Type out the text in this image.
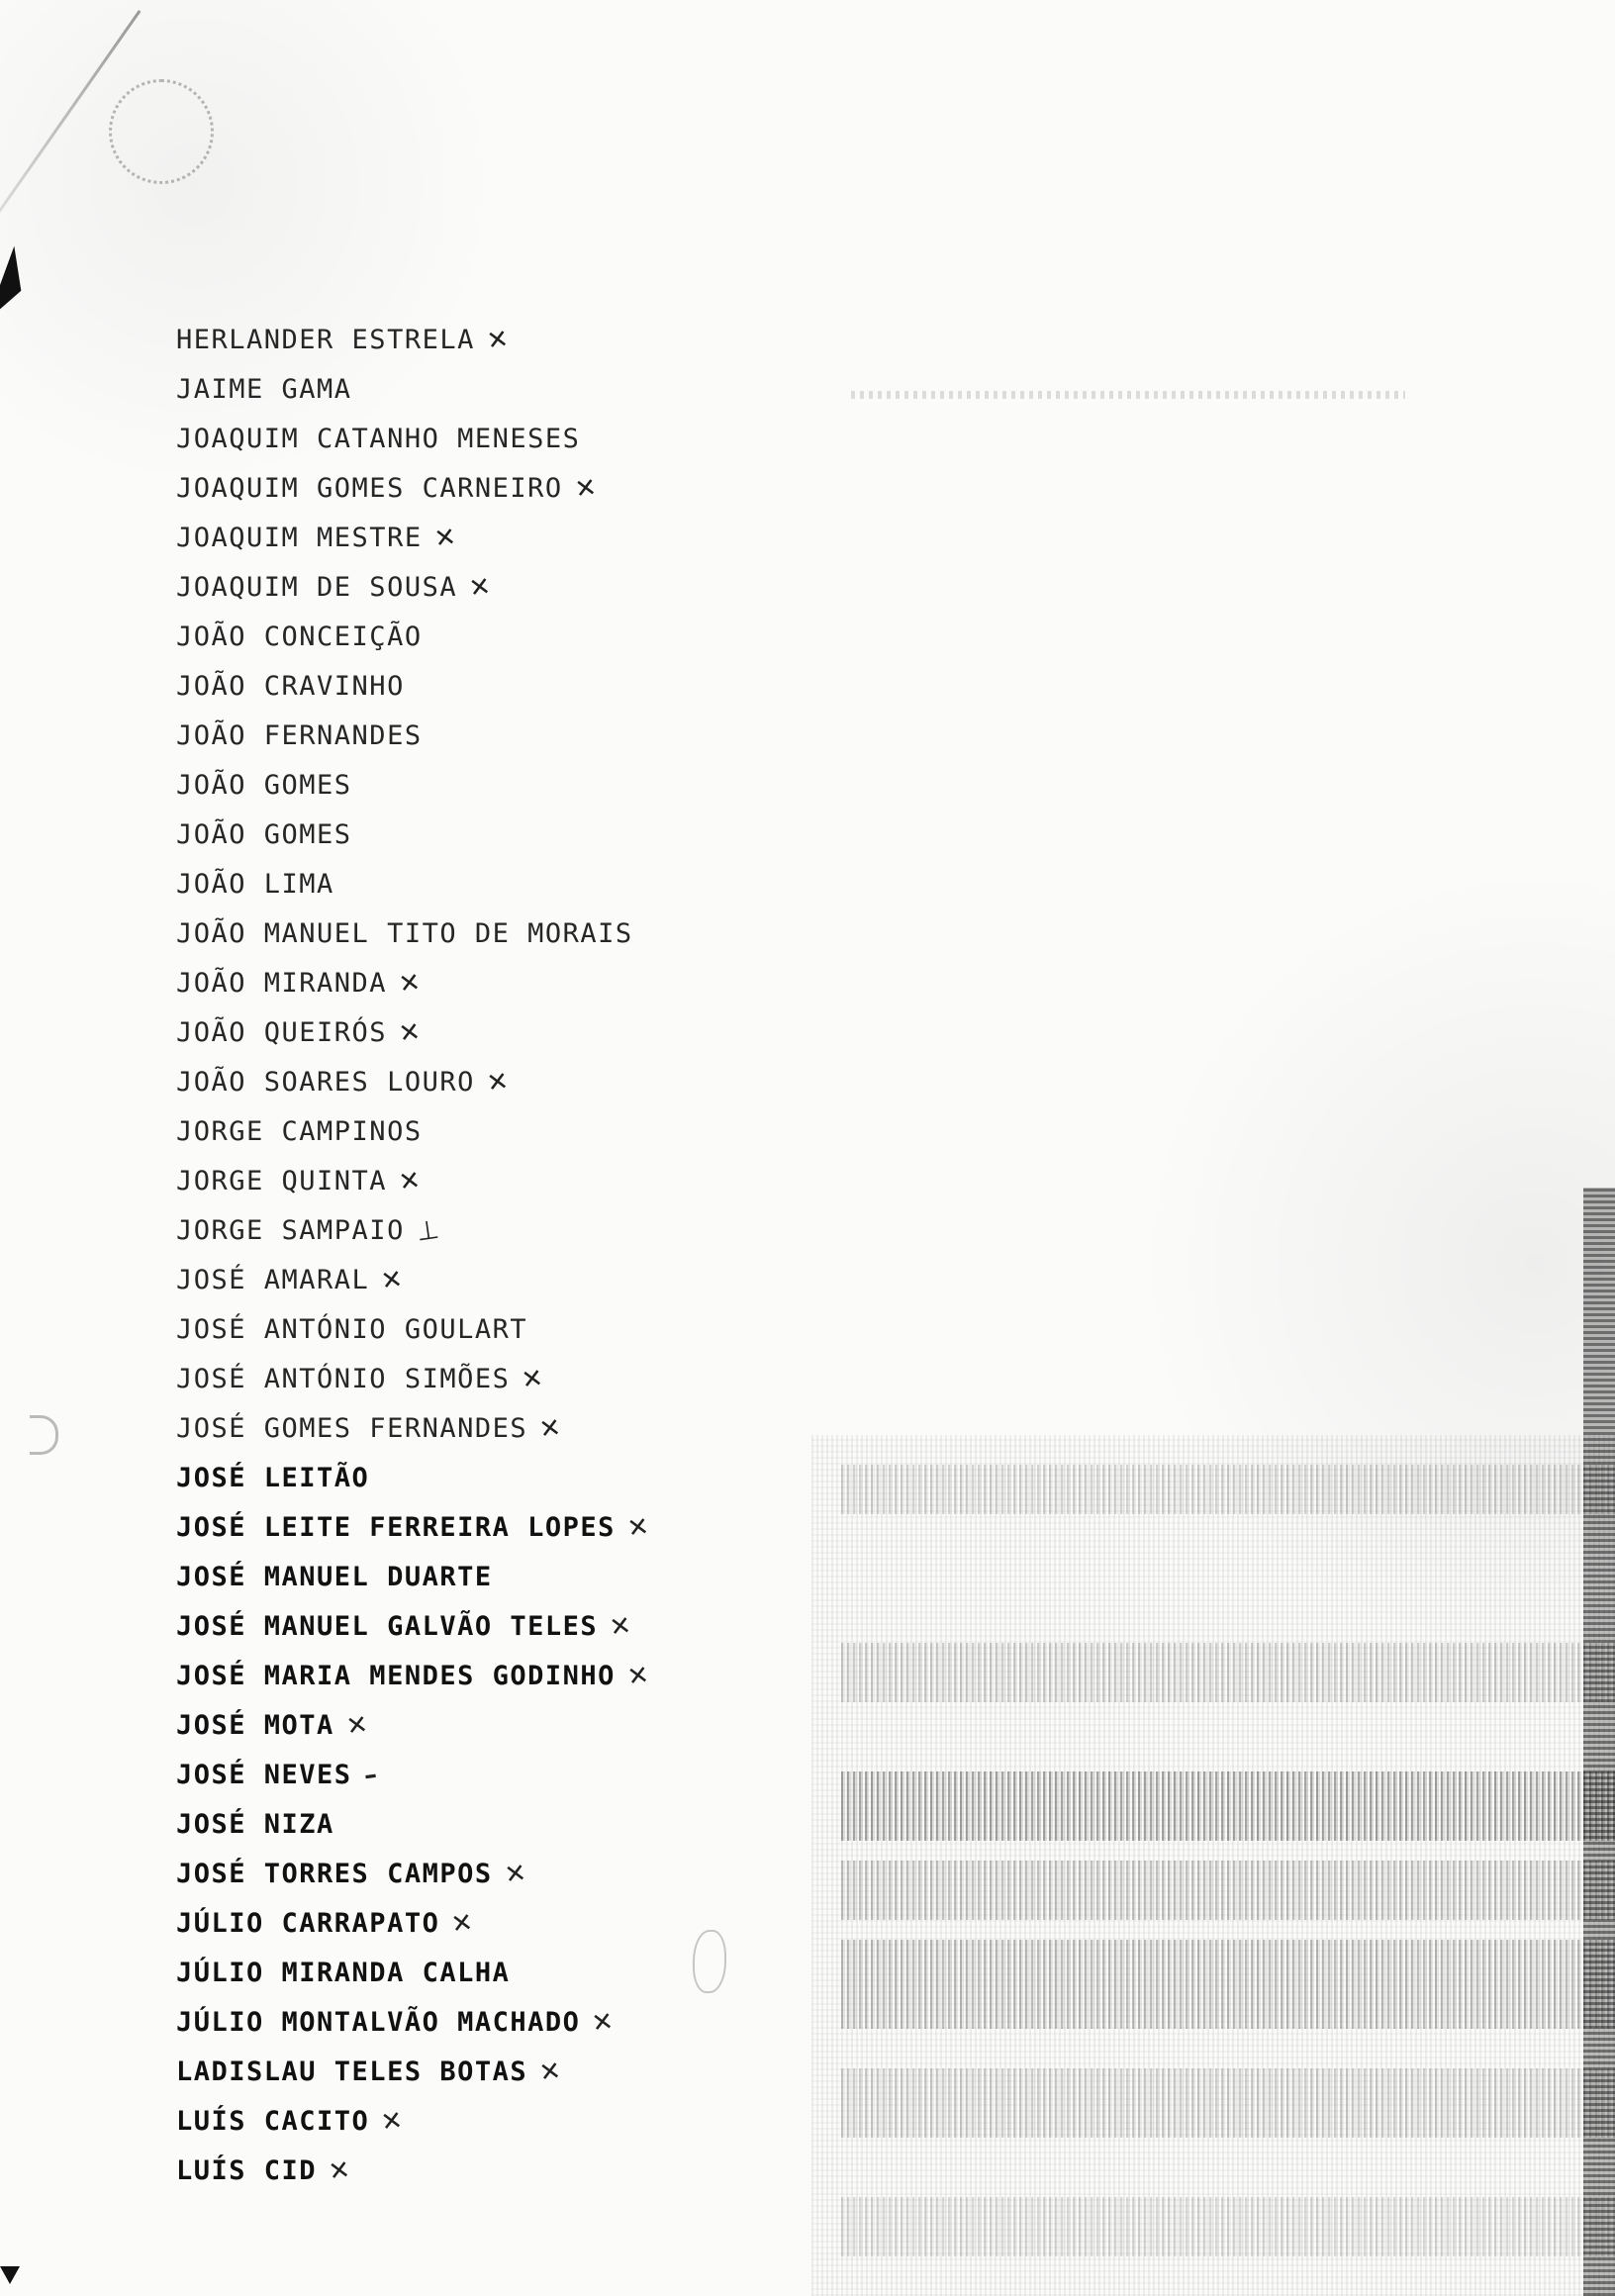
HERLANDER ESTRELA ✕
JAIME GAMA
JOAQUIM CATANHO MENESES
JOAQUIM GOMES CARNEIRO ✕
JOAQUIM MESTRE ✕
JOAQUIM DE SOUSA ✕
JOÃO CONCEIÇÃO
JOÃO CRAVINHO
JOÃO FERNANDES
JOÃO GOMES
JOÃO GOMES
JOÃO LIMA
JOÃO MANUEL TITO DE MORAIS
JOÃO MIRANDA ✕
JOÃO QUEIRÓS ✕
JOÃO SOARES LOURO ✕
JORGE CAMPINOS
JORGE QUINTA ✕
JORGE SAMPAIO ⊥
JOSÉ AMARAL ✕
JOSÉ ANTÓNIO GOULART
JOSÉ ANTÓNIO SIMÕES ✕
JOSÉ GOMES FERNANDES ✕
JOSÉ LEITÃO
JOSÉ LEITE FERREIRA LOPES ✕
JOSÉ MANUEL DUARTE
JOSÉ MANUEL GALVÃO TELES ✕
JOSÉ MARIA MENDES GODINHO ✕
JOSÉ MOTA ✕
JOSÉ NEVES –
JOSÉ NIZA
JOSÉ TORRES CAMPOS ✕
JÚLIO CARRAPATO ✕
JÚLIO MIRANDA CALHA
JÚLIO MONTALVÃO MACHADO ✕
LADISLAU TELES BOTAS ✕
LUÍS CACITO ✕
LUÍS CID ✕
